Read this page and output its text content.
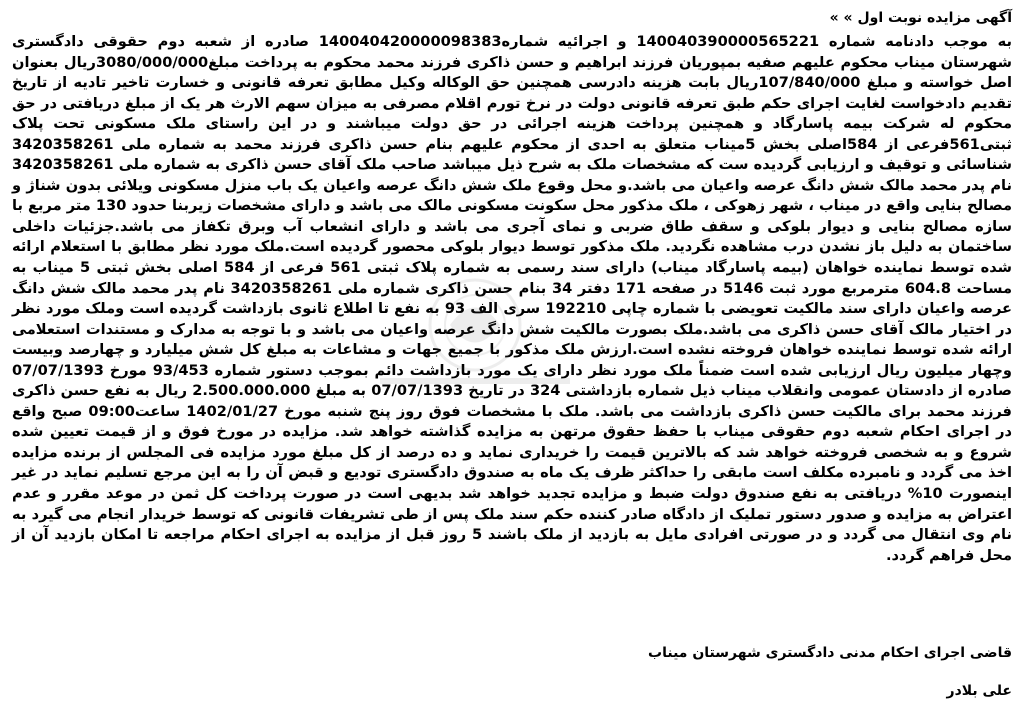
آگهی مزایده نوبت اول » »
به موجب دادنامه شماره 140040390000565221 و اجرائیه شماره140040420000098383 صادره از شعبه دوم حقوقی دادگستری شهرستان میناب محکوم علیهم صفیه بمپوریان فرزند ابراهیم و حسن ذاکری فرزند محمد محکوم به پرداخت مبلغ3080/000/000ریال بعنوان اصل خواسته و مبلغ 107/840/000ریال بابت هزینه دادرسی همچنین حق الوکاله وکیل مطابق تعرفه قانونی و خسارت تاخیر تادیه از تاریخ تقدیم دادخواست لغایت اجرای حکم طبق تعرفه قانونی دولت در نرخ تورم اقلام مصرفی به میزان سهم الارث هر یک از مبلغ دریافتی در حق محکوم له شرکت بیمه پاسارگاد و همچنین پرداخت هزینه اجرائی در حق دولت میباشند و در این راستای ملک مسکونی تحت پلاک ثبتی561فرعی از 584اصلی بخش 5میناب متعلق به احدی از محکوم علیهم بنام حسن ذاکری فرزند محمد به شماره ملی 3420358261 شناسائی و توقیف و ارزیابی گردیده ست که مشخصات ملک به شرح ذیل میباشد صاحب ملک آقای حسن ذاکری به شماره ملی 3420358261 نام پدر محمد مالک شش دانگ عرصه واعیان می باشد.و محل وقوع ملک شش دانگ عرصه واعیان یک باب منزل مسکونی ویلائی بدون شناژ و مصالح بنایی واقع در میناب ، شهر زهوکی ، ملک مذکور محل سکونت مسکونی مالک می باشد و دارای مشخصات زیربنا حدود 130 متر مربع با سازه مصالح بنایی و دیوار بلوکی و سقف طاق ضربی و نمای آجری می باشد و دارای انشعاب آب وبرق تکفاز می باشد.جزئیات داخلی ساختمان به دلیل باز نشدن درب مشاهده نگردید. ملک مذکور توسط دیوار بلوکی محصور گردیده است.ملک مورد نظر مطابق با استعلام ارائه شده توسط نماینده خواهان (بیمه پاسارگاد میناب) دارای سند رسمی به شماره پلاک ثبتی 561 فرعی از 584 اصلی بخش ثبتی 5 میناب به مساحت 604.8 مترمربع مورد ثبت 5146 در صفحه 171 دفتر 34 بنام حسن ذاکری شماره ملی 3420358261 نام پدر محمد مالک شش دانگ عرصه واعیان دارای سند مالکیت تعویضی با شماره چاپی 192210 سری الف 93 به نفع تا اطلاع ثانوی بازداشت گردیده است وملک مورد نظر در اختیار مالک آقای حسن ذاکری می باشد.ملک بصورت مالکیت شش دانگ عرصه واعیان می باشد و با توجه به مدارک و مستندات استعلامی ارائه شده توسط نماینده خواهان فروخته نشده است.ارزش ملک مذکور با جمیع جهات و مشاعات به مبلغ کل شش میلیارد و چهارصد وبیست وچهار میلیون ریال ارزیابی شده است ضمناً ملک مورد نظر دارای یک مورد بازداشت دائم بموجب دستور شماره 93/453 مورخ 07/07/1393 صادره از دادستان عمومی وانقلاب میناب ذیل شماره بازداشتی 324 در تاریخ 07/07/1393 به مبلغ 2.500.000.000 ریال به نفع حسن ذاکری فرزند محمد برای مالکیت حسن ذاکری بازداشت می باشد. ملک با مشخصات فوق روز پنج شنبه مورخ 1402/01/27 ساعت09:00 صبح واقع در اجرای احکام شعبه دوم حقوقی میناب با حفظ حقوق مرتهن به مزایده گذاشته خواهد شد. مزایده در مورخ فوق و از قیمت تعیین شده شروع و به شخصی فروخته خواهد شد که بالاترین قیمت را خریداری نماید و ده درصد از کل مبلغ مورد مزایده فی المجلس از برنده مزایده اخذ می گردد و نامبرده مکلف است مابقی را حداکثر ظرف یک ماه به صندوق دادگستری تودیع و قبض آن را به این مرجع تسلیم نماید در غیر اینصورت 10% دریافتی به نفع صندوق دولت ضبط و مزایده تجدید خواهد شد بدیهی است در صورت پرداخت کل ثمن در موعد مقرر و عدم اعتراض به مزایده و صدور دستور تملیک از دادگاه صادر کننده حکم سند ملک پس از طی تشریفات قانونی که توسط خریدار انجام می گیرد به نام وی انتقال می گردد و در صورتی افرادی مایل به بازدید از ملک باشند 5 روز قبل از مزایده به اجرای احکام مراجعه تا امکان بازدید آن از محل فراهم گردد.
قاضی اجرای احکام مدنی دادگستری شهرستان میناب
علی بلادر
